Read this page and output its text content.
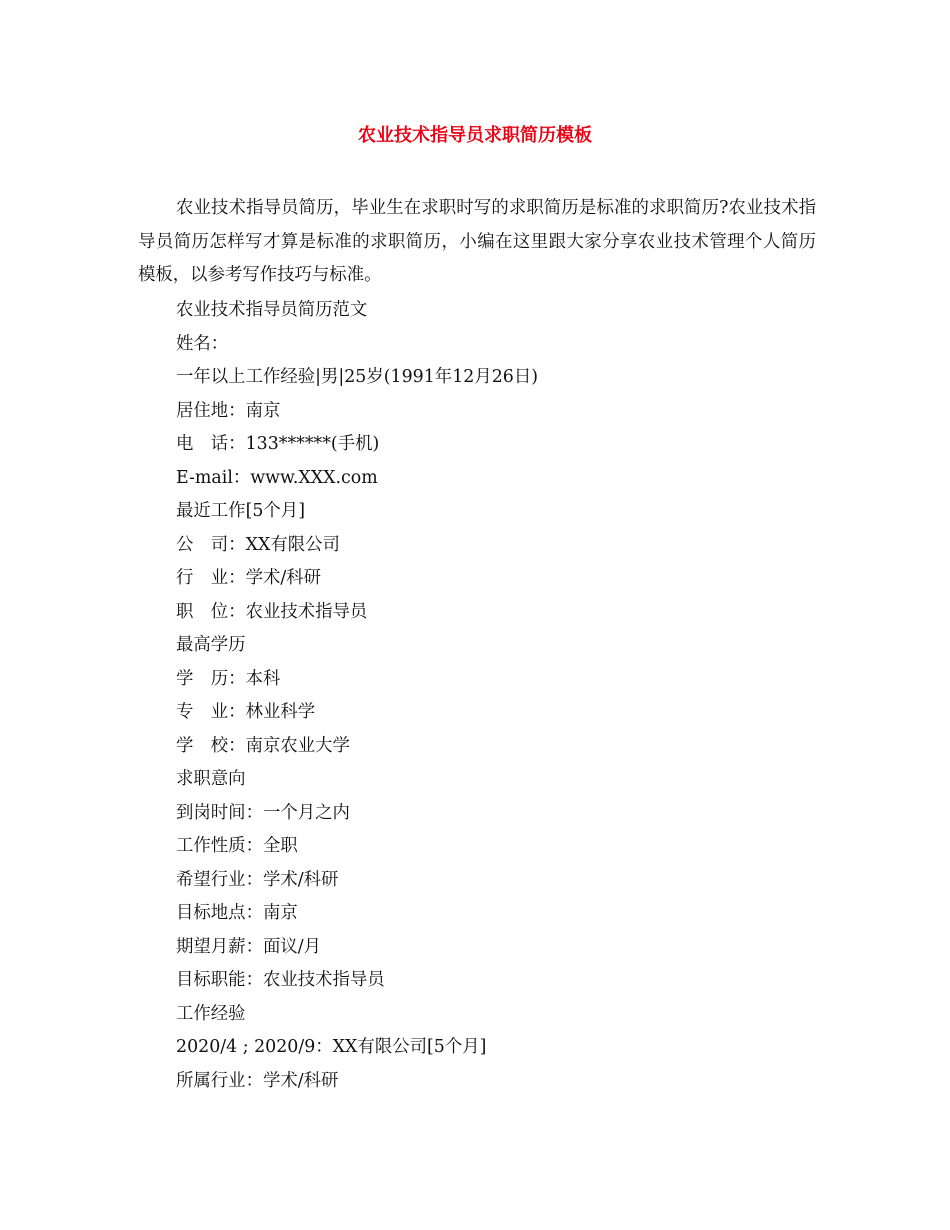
农业技术指导员求职简历模板

农业技术指导员简历，毕业生在求职时写的求职简历是标准的求职简历?农业技术指导员简历怎样写才算是标准的求职简历，小编在这里跟大家分享农业技术管理个人简历模板，以参考写作技巧与标准。

农业技术指导员简历范文
姓名：
一年以上工作经验|男|25岁(1991年12月26日)
居住地：南京
电　话：133******(手机)
E-mail：www.XXX.com
最近工作[5个月]
公　司：XX有限公司
行　业：学术/科研
职　位：农业技术指导员
最高学历
学　历：本科
专　业：林业科学
学　校：南京农业大学
求职意向
到岗时间：一个月之内
工作性质：全职
希望行业：学术/科研
目标地点：南京
期望月薪：面议/月
目标职能：农业技术指导员
工作经验
2020/4 ; 2020/9：XX有限公司[5个月]
所属行业：学术/科研
